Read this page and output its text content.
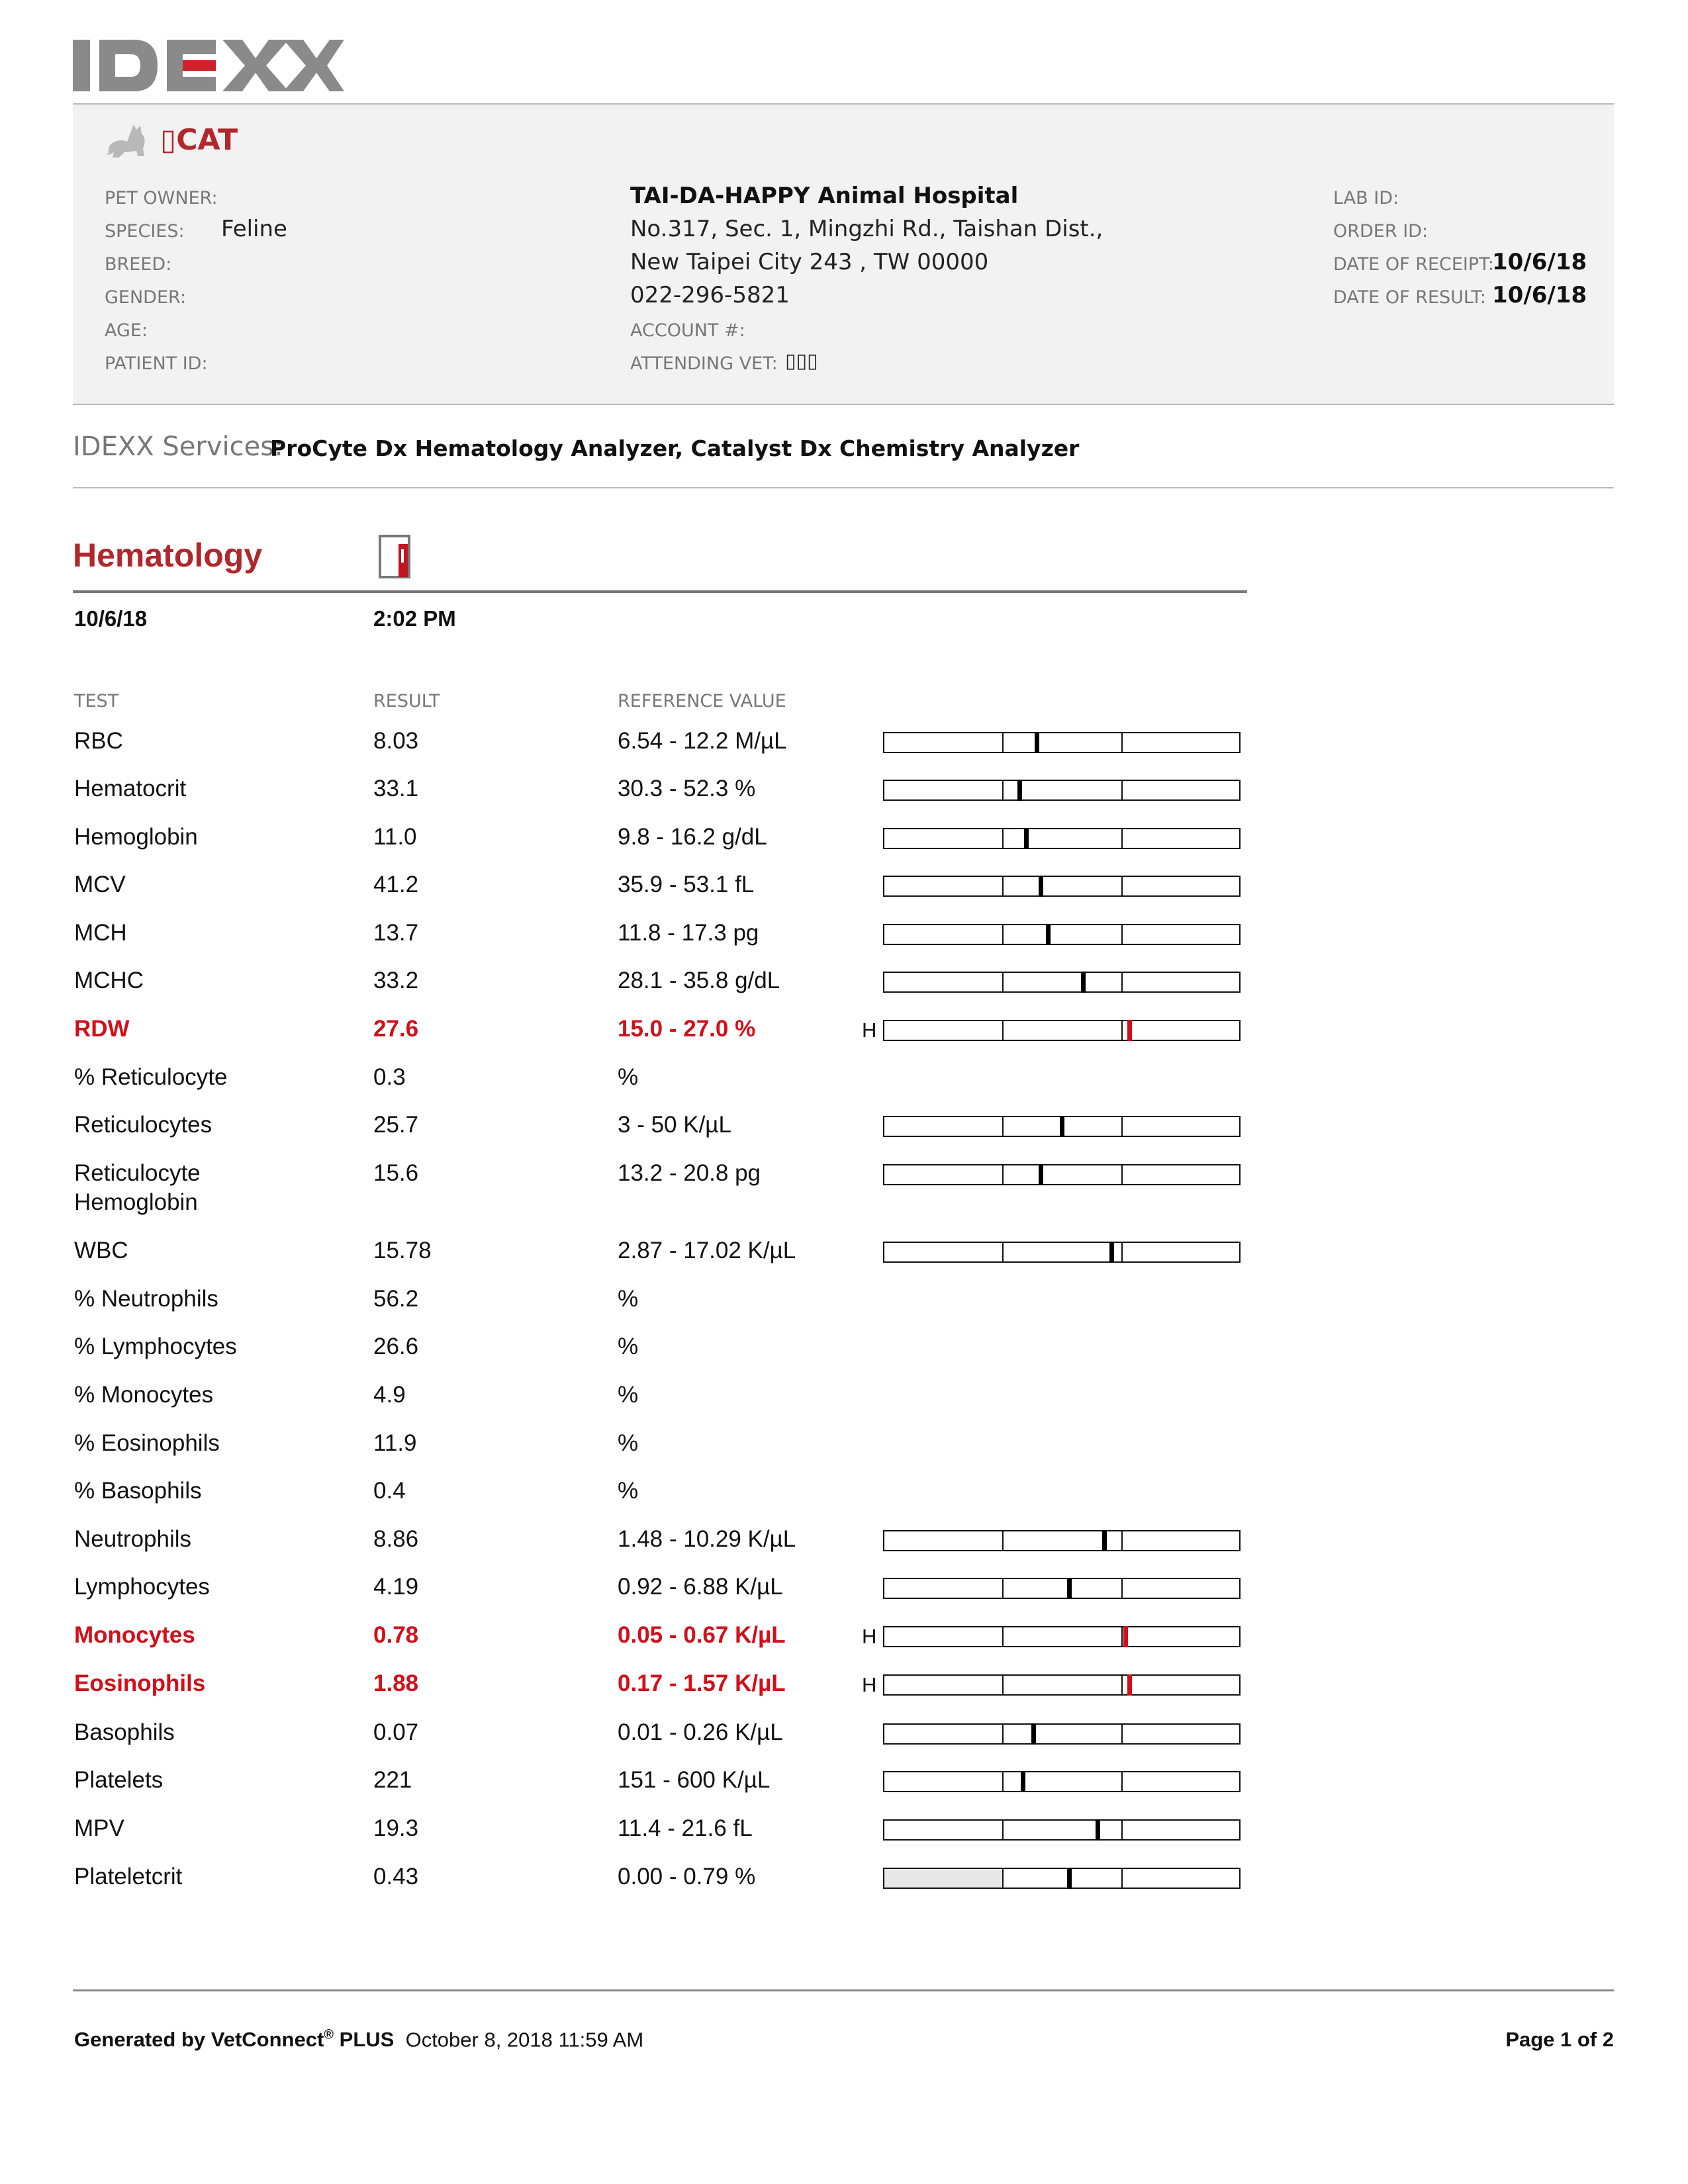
▯CAT
PET OWNER:
SPECIES: Feline
BREED:
GENDER:
AGE:
PATIENT ID:
TAI-DA-HAPPY Animal Hospital
No.317, Sec. 1, Mingzhi Rd., Taishan Dist.,
New Taipei City 243 , TW 00000
022-296-5821
ACCOUNT #:
ATTENDING VET: ▯▯▯
LAB ID:
ORDER ID:
DATE OF RECEIPT:
10/6/18
DATE OF RESULT: 10/6/18
IDEXX Services:
ProCyte Dx Hematology Analyzer, Catalyst Dx Chemistry Analyzer
Hematology
10/6/18	2:02 PM
TEST	RESULT	REFERENCE VALUE
RBC	8.03	6.54 - 12.2 M/µL
Hematocrit	33.1	30.3 - 52.3 %
Hemoglobin	11.0	9.8 - 16.2 g/dL
MCV	41.2	35.9 - 53.1 fL
MCH	13.7	11.8 - 17.3 pg
MCHC	33.2	28.1 - 35.8 g/dL
RDW	27.6	15.0 - 27.0 %	H
% Reticulocyte	0.3	%
Reticulocytes	25.7	3 - 50 K/µL
Reticulocyte
Hemoglobin
15.6	13.2 - 20.8 pg
WBC	15.78	2.87 - 17.02 K/µL
% Neutrophils	56.2	%
% Lymphocytes	26.6	%
% Monocytes	4.9	%
% Eosinophils	11.9	%
% Basophils	0.4	%
Neutrophils	8.86	1.48 - 10.29 K/µL
Lymphocytes	4.19	0.92 - 6.88 K/µL
Monocytes	0.78	0.05 - 0.67 K/µL	H
Eosinophils	1.88	0.17 - 1.57 K/µL	H
Basophils	0.07	0.01 - 0.26 K/µL
Platelets	221	151 - 600 K/µL
MPV	19.3	11.4 - 21.6 fL
Plateletcrit	0.43	0.00 - 0.79 %
Generated by VetConnect® PLUS October 8, 2018 11:59 AM	Page 1 of 2
